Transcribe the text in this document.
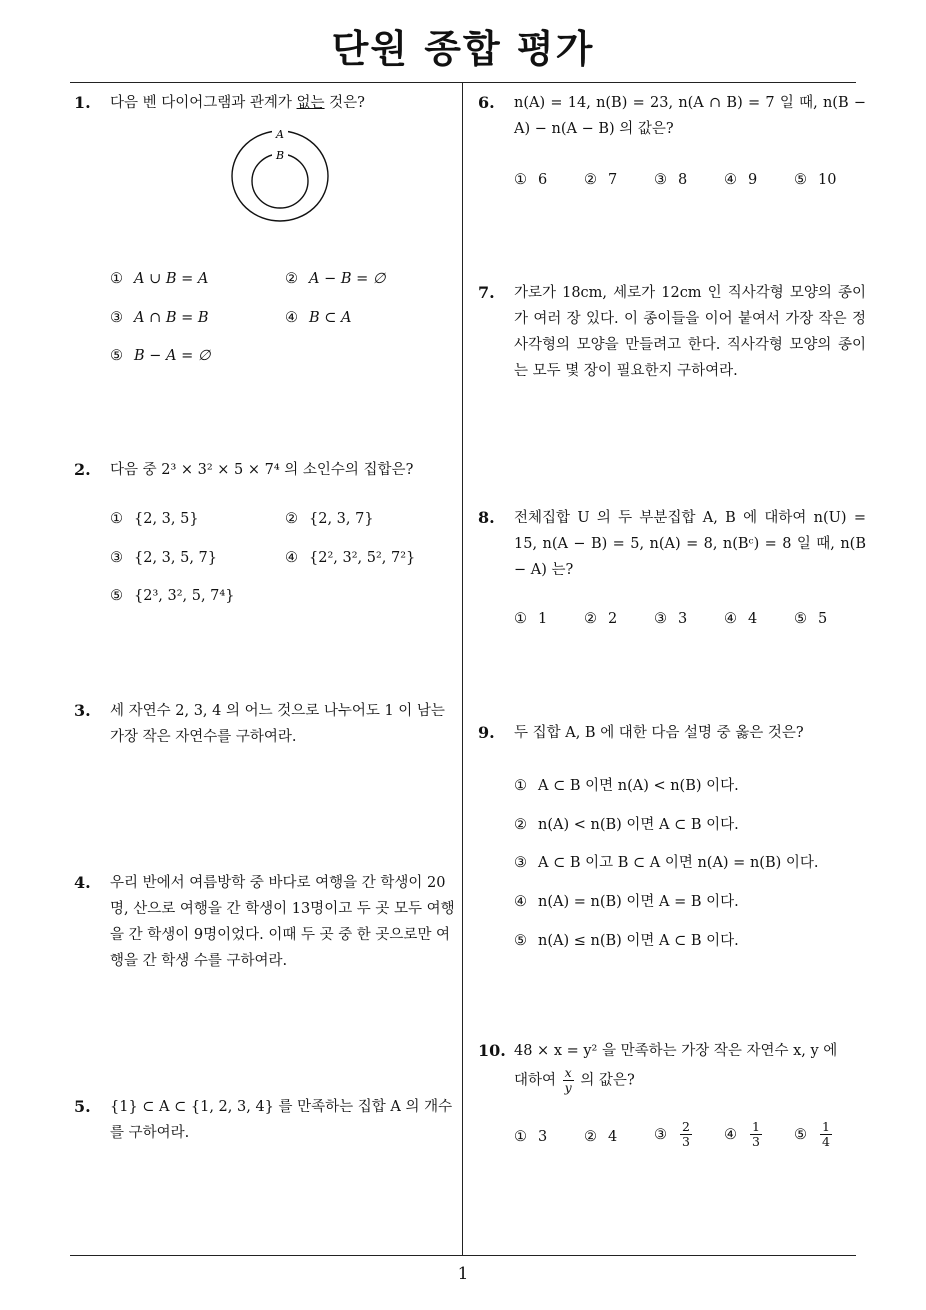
단원 종합 평가
1. 다음 벤 다이어그램과 관계가 없는 것은?
A
B
① A ∪ B = A	② A − B = ∅
③ A ∩ B = B	④ B ⊂ A
⑤ B − A = ∅
2. 다음 중 2³ × 3² × 5 × 7⁴ 의 소인수의 집합은?
① {2, 3, 5}	② {2, 3, 7}
③ {2, 3, 5, 7}	④ {2², 3², 5², 7²}
⑤ {2³, 3², 5, 7⁴}
3. 세 자연수 2, 3, 4 의 어느 것으로 나누어도 1 이 남는 가장 작은 자연수를 구하여라.
4. 우리 반에서 여름방학 중 바다로 여행을 간 학생이 20 명, 산으로 여행을 간 학생이 13명이고 두 곳 모두 여행을 간 학생이 9명이었다. 이때 두 곳 중 한 곳으로만 여행을 간 학생 수를 구하여라.
5. {1} ⊂ A ⊂ {1, 2, 3, 4} 를 만족하는 집합 A 의 개수를 구하여라.
6. n(A) = 14, n(B) = 23, n(A ∩ B) = 7 일 때, n(B − A) − n(A − B) 의 값은?
① 6	② 7	③ 8	④ 9	⑤ 10
7. 가로가 18cm, 세로가 12cm 인 직사각형 모양의 종이가 여러 장 있다. 이 종이들을 이어 붙여서 가장 작은 정사각형의 모양을 만들려고 한다. 직사각형 모양의 종이는 모두 몇 장이 필요한지 구하여라.
8. 전체집합 U 의 두 부분집합 A, B 에 대하여 n(U) = 15, n(A − B) = 5, n(A) = 8, n(Bᶜ) = 8 일 때, n(B − A) 는?
① 1	② 2	③ 3	④ 4	⑤ 5
9. 두 집합 A, B 에 대한 다음 설명 중 옳은 것은?
① A ⊂ B 이면 n(A) < n(B) 이다.
② n(A) < n(B) 이면 A ⊂ B 이다.
③ A ⊂ B 이고 B ⊂ A 이면 n(A) = n(B) 이다.
④ n(A) = n(B) 이면 A = B 이다.
⑤ n(A) ≤ n(B) 이면 A ⊂ B 이다.
10. 48 × x = y² 을 만족하는 가장 작은 자연수 x, y 에
대하여 $\frac{x}{y}$ 의 값은?
① 3	② 4	③ $\frac{2}{3}$ ④ $\frac{1}{3}$ ⑤ $\frac{1}{4}$
1
